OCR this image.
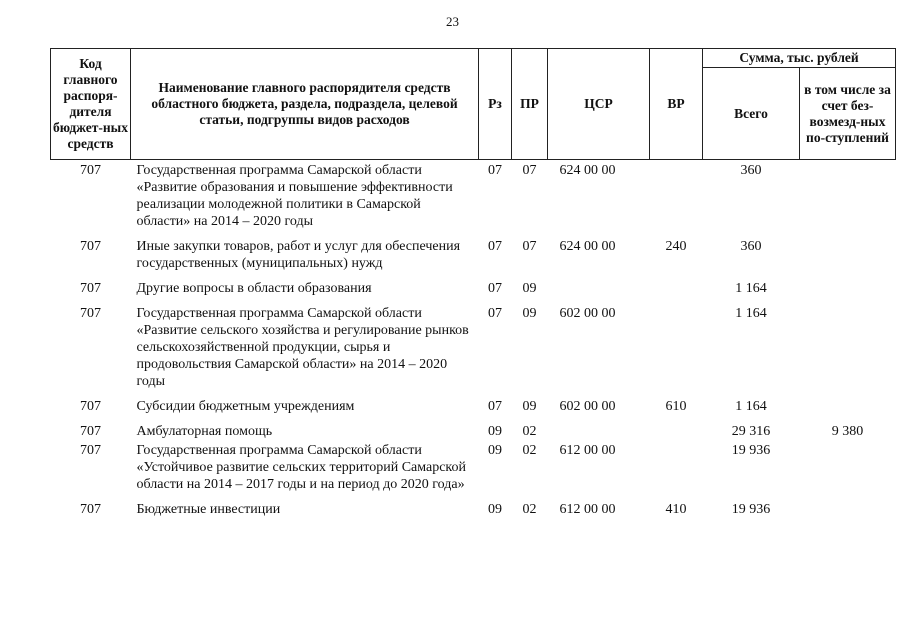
23
Код главного распоря-дителя бюджет-ных средств	Наименование главного распорядителя средств областного бюджета, раздела, подраздела, целевой статьи, подгруппы видов расходов	Рз	ПР	ЦСР	ВР	Сумма, тыс. рублей	
						Всего	в том числе за счет без-возмезд-ных по-ступлений
707	Государственная программа Самарской области «Развитие образования и повышение эффективности реализации молодежной политики в Самарской области» на 2014 – 2020 годы	07	07	624 00 00		360	
707	Иные закупки товаров, работ и услуг для обеспечения государственных (муниципальных) нужд	07	07	624 00 00	240	360	
707	Другие вопросы в области образования	07	09			1 164	
707	Государственная программа Самарской области «Развитие сельского хозяйства и регулирование рынков сельскохозяйственной продукции, сырья и продовольствия Самарской области» на 2014 – 2020 годы	07	09	602 00 00		1 164	
707	Субсидии бюджетным учреждениям	07	09	602 00 00	610	1 164	
707	Амбулаторная помощь	09	02			29 316	9 380
707	Государственная программа Самарской области «Устойчивое развитие сельских территорий Самарской области на 2014 – 2017 годы и на период до 2020 года»	09	02	612 00 00		19 936	
707	Бюджетные инвестиции	09	02	612 00 00	410	19 936	
